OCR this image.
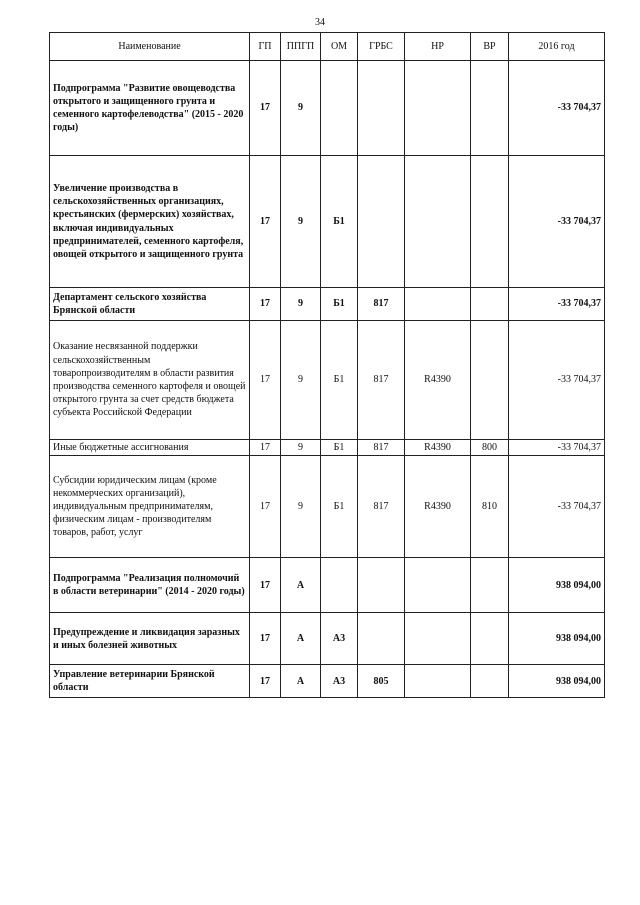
34
Наименование	ГП	ППГП	ОМ	ГРБС	НР	ВР	2016 год
Подпрограмма "Развитие овощеводства открытого и защищенного грунта и семенного картофелеводства" (2015 - 2020 годы)	17	9					-33 704,37
Увеличение производства в сельскохозяйственных организациях, крестьянских (фермерских) хозяйствах, включая индивидуальных предпринимателей, семенного картофеля, овощей открытого и защищенного грунта	17	9	Б1				-33 704,37
Департамент сельского хозяйства Брянской области	17	9	Б1	817			-33 704,37
Оказание несвязанной поддержки сельскохозяйственным товаропроизводителям в области развития производства семенного картофеля и овощей открытого грунта за счет средств бюджета субъекта Российской Федерации	17	9	Б1	817	R4390		-33 704,37
Иные бюджетные ассигнования	17	9	Б1	817	R4390	800	-33 704,37
Субсидии юридическим лицам (кроме некоммерческих организаций), индивидуальным предпринимателям, физическим лицам - производителям товаров, работ, услуг	17	9	Б1	817	R4390	810	-33 704,37
Подпрограмма "Реализация полномочий в области ветеринарии" (2014 - 2020 годы)	17	А					938 094,00
Предупреждение и ликвидация заразных и иных болезней животных	17	А	А3				938 094,00
Управление ветеринарии Брянской области	17	А	А3	805			938 094,00
